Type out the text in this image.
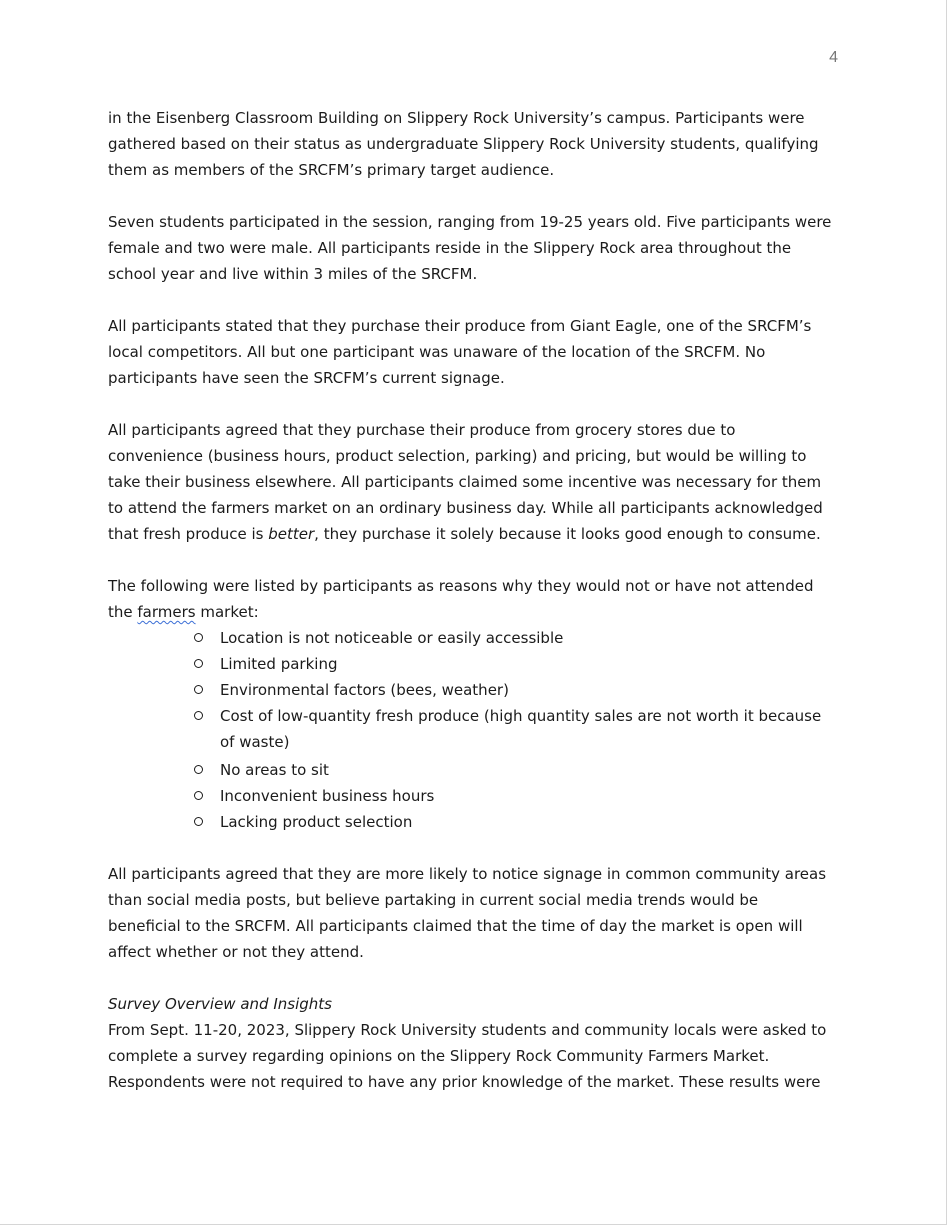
4

in the Eisenberg Classroom Building on Slippery Rock University’s campus. Participants were
gathered based on their status as undergraduate Slippery Rock University students, qualifying
them as members of the SRCFM’s primary target audience.

Seven students participated in the session, ranging from 19-25 years old. Five participants were
female and two were male. All participants reside in the Slippery Rock area throughout the
school year and live within 3 miles of the SRCFM.

All participants stated that they purchase their produce from Giant Eagle, one of the SRCFM’s
local competitors. All but one participant was unaware of the location of the SRCFM. No
participants have seen the SRCFM’s current signage.

All participants agreed that they purchase their produce from grocery stores due to
convenience (business hours, product selection, parking) and pricing, but would be willing to
take their business elsewhere. All participants claimed some incentive was necessary for them
to attend the farmers market on an ordinary business day. While all participants acknowledged
that fresh produce is better, they purchase it solely because it looks good enough to consume.

The following were listed by participants as reasons why they would not or have not attended
the farmers market:

Location is not noticeable or easily accessible
Limited parking
Environmental factors (bees, weather)
Cost of low-quantity fresh produce (high quantity sales are not worth it because
of waste)
No areas to sit
Inconvenient business hours
Lacking product selection

All participants agreed that they are more likely to notice signage in common community areas
than social media posts, but believe partaking in current social media trends would be
beneficial to the SRCFM. All participants claimed that the time of day the market is open will
affect whether or not they attend.

Survey Overview and Insights

From Sept. 11-20, 2023, Slippery Rock University students and community locals were asked to
complete a survey regarding opinions on the Slippery Rock Community Farmers Market.
Respondents were not required to have any prior knowledge of the market. These results were
